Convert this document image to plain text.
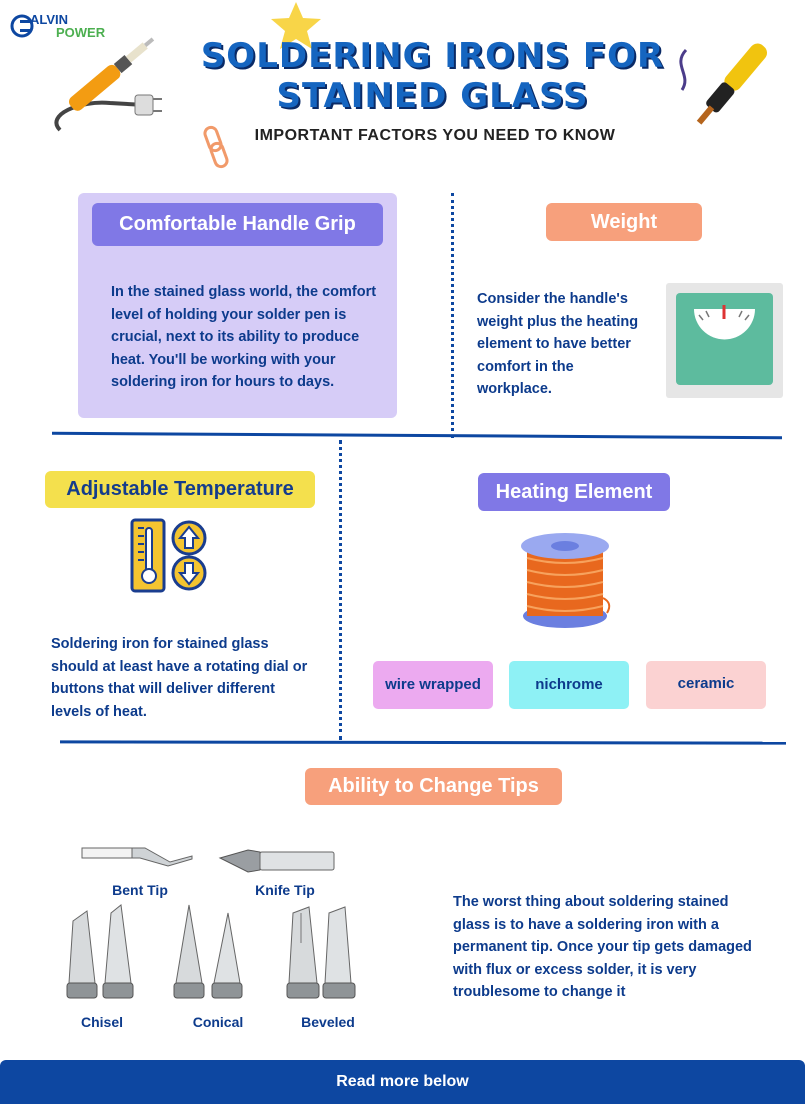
ALVIN
POWER
SOLDERING IRONS FOR
STAINED GLASS
IMPORTANT FACTORS YOU NEED TO KNOW
Comfortable Handle Grip
In the stained glass world, the comfort level of holding your solder pen is crucial, next to its ability to produce heat. You'll be working with your soldering iron for hours to days.
Weight
Consider the handle's weight plus the heating element to have better comfort in the workplace.
Adjustable Temperature
Soldering iron for stained glass should at least have a rotating dial or buttons that will deliver different levels of heat.
Heating Element
wire wrapped	nichrome	ceramic
Ability to Change Tips
Bent Tip	Knife Tip
Chisel	Conical	Beveled
The worst thing about soldering stained glass is to have a soldering iron with a permanent tip. Once your tip gets damaged with flux or excess solder, it is very troublesome to change it
Read more below
